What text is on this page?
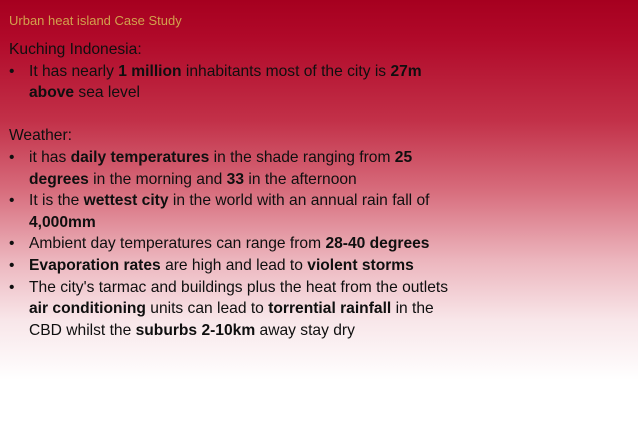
Urban heat island Case Study
Kuching Indonesia:
• It has nearly 1 million inhabitants most of the city is 27m
above sea level
Weather:
• it has daily temperatures in the shade ranging from 25
degrees in the morning and 33 in the afternoon
• It is the wettest city in the world with an annual rain fall of
4,000mm
• Ambient day temperatures can range from 28-40 degrees
• Evaporation rates are high and lead to violent storms
• The city's tarmac and buildings plus the heat from the outlets
air conditioning units can lead to torrential rainfall in the
CBD whilst the suburbs 2-10km away stay dry
